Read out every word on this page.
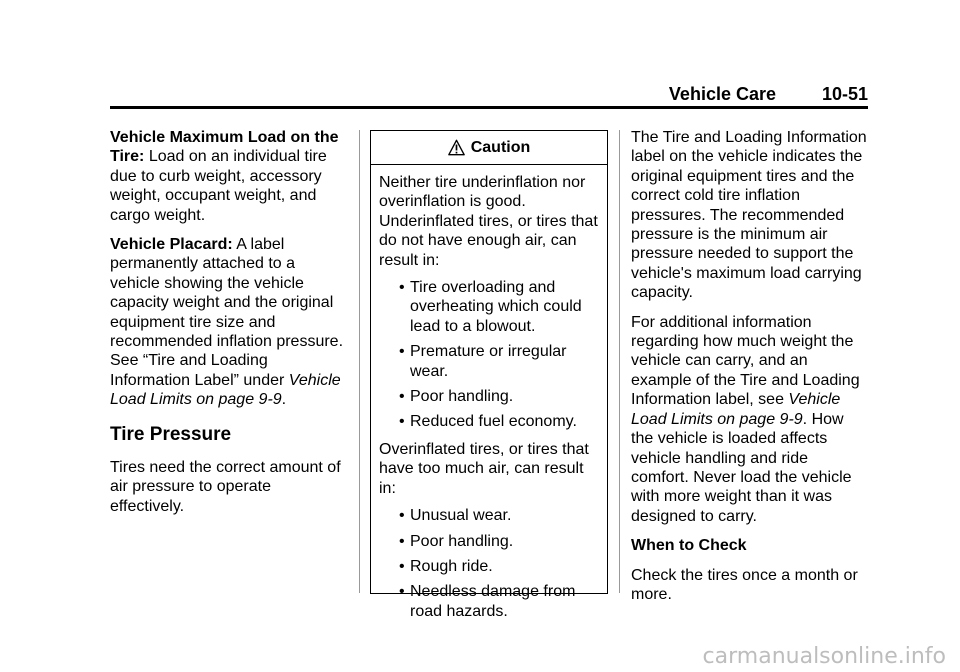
Vehicle Care	10-51

Vehicle Maximum Load on the Tire: Load on an individual tire due to curb weight, accessory weight, occupant weight, and cargo weight.

Vehicle Placard: A label permanently attached to a vehicle showing the vehicle capacity weight and the original equipment tire size and recommended inflation pressure. See “Tire and Loading Information Label” under Vehicle Load Limits on page 9-9.

Tire Pressure

Tires need the correct amount of air pressure to operate effectively.

Caution

Neither tire underinflation nor overinflation is good. Underinflated tires, or tires that do not have enough air, can result in:

• Tire overloading and overheating which could lead to a blowout.
• Premature or irregular wear.
• Poor handling.
• Reduced fuel economy.

Overinflated tires, or tires that have too much air, can result in:

• Unusual wear.
• Poor handling.
• Rough ride.
• Needless damage from road hazards.

The Tire and Loading Information label on the vehicle indicates the original equipment tires and the correct cold tire inflation pressures. The recommended pressure is the minimum air pressure needed to support the vehicle's maximum load carrying capacity.

For additional information regarding how much weight the vehicle can carry, and an example of the Tire and Loading Information label, see Vehicle Load Limits on page 9-9. How the vehicle is loaded affects vehicle handling and ride comfort. Never load the vehicle with more weight than it was designed to carry.

When to Check

Check the tires once a month or more.

carmanualsonline.info
